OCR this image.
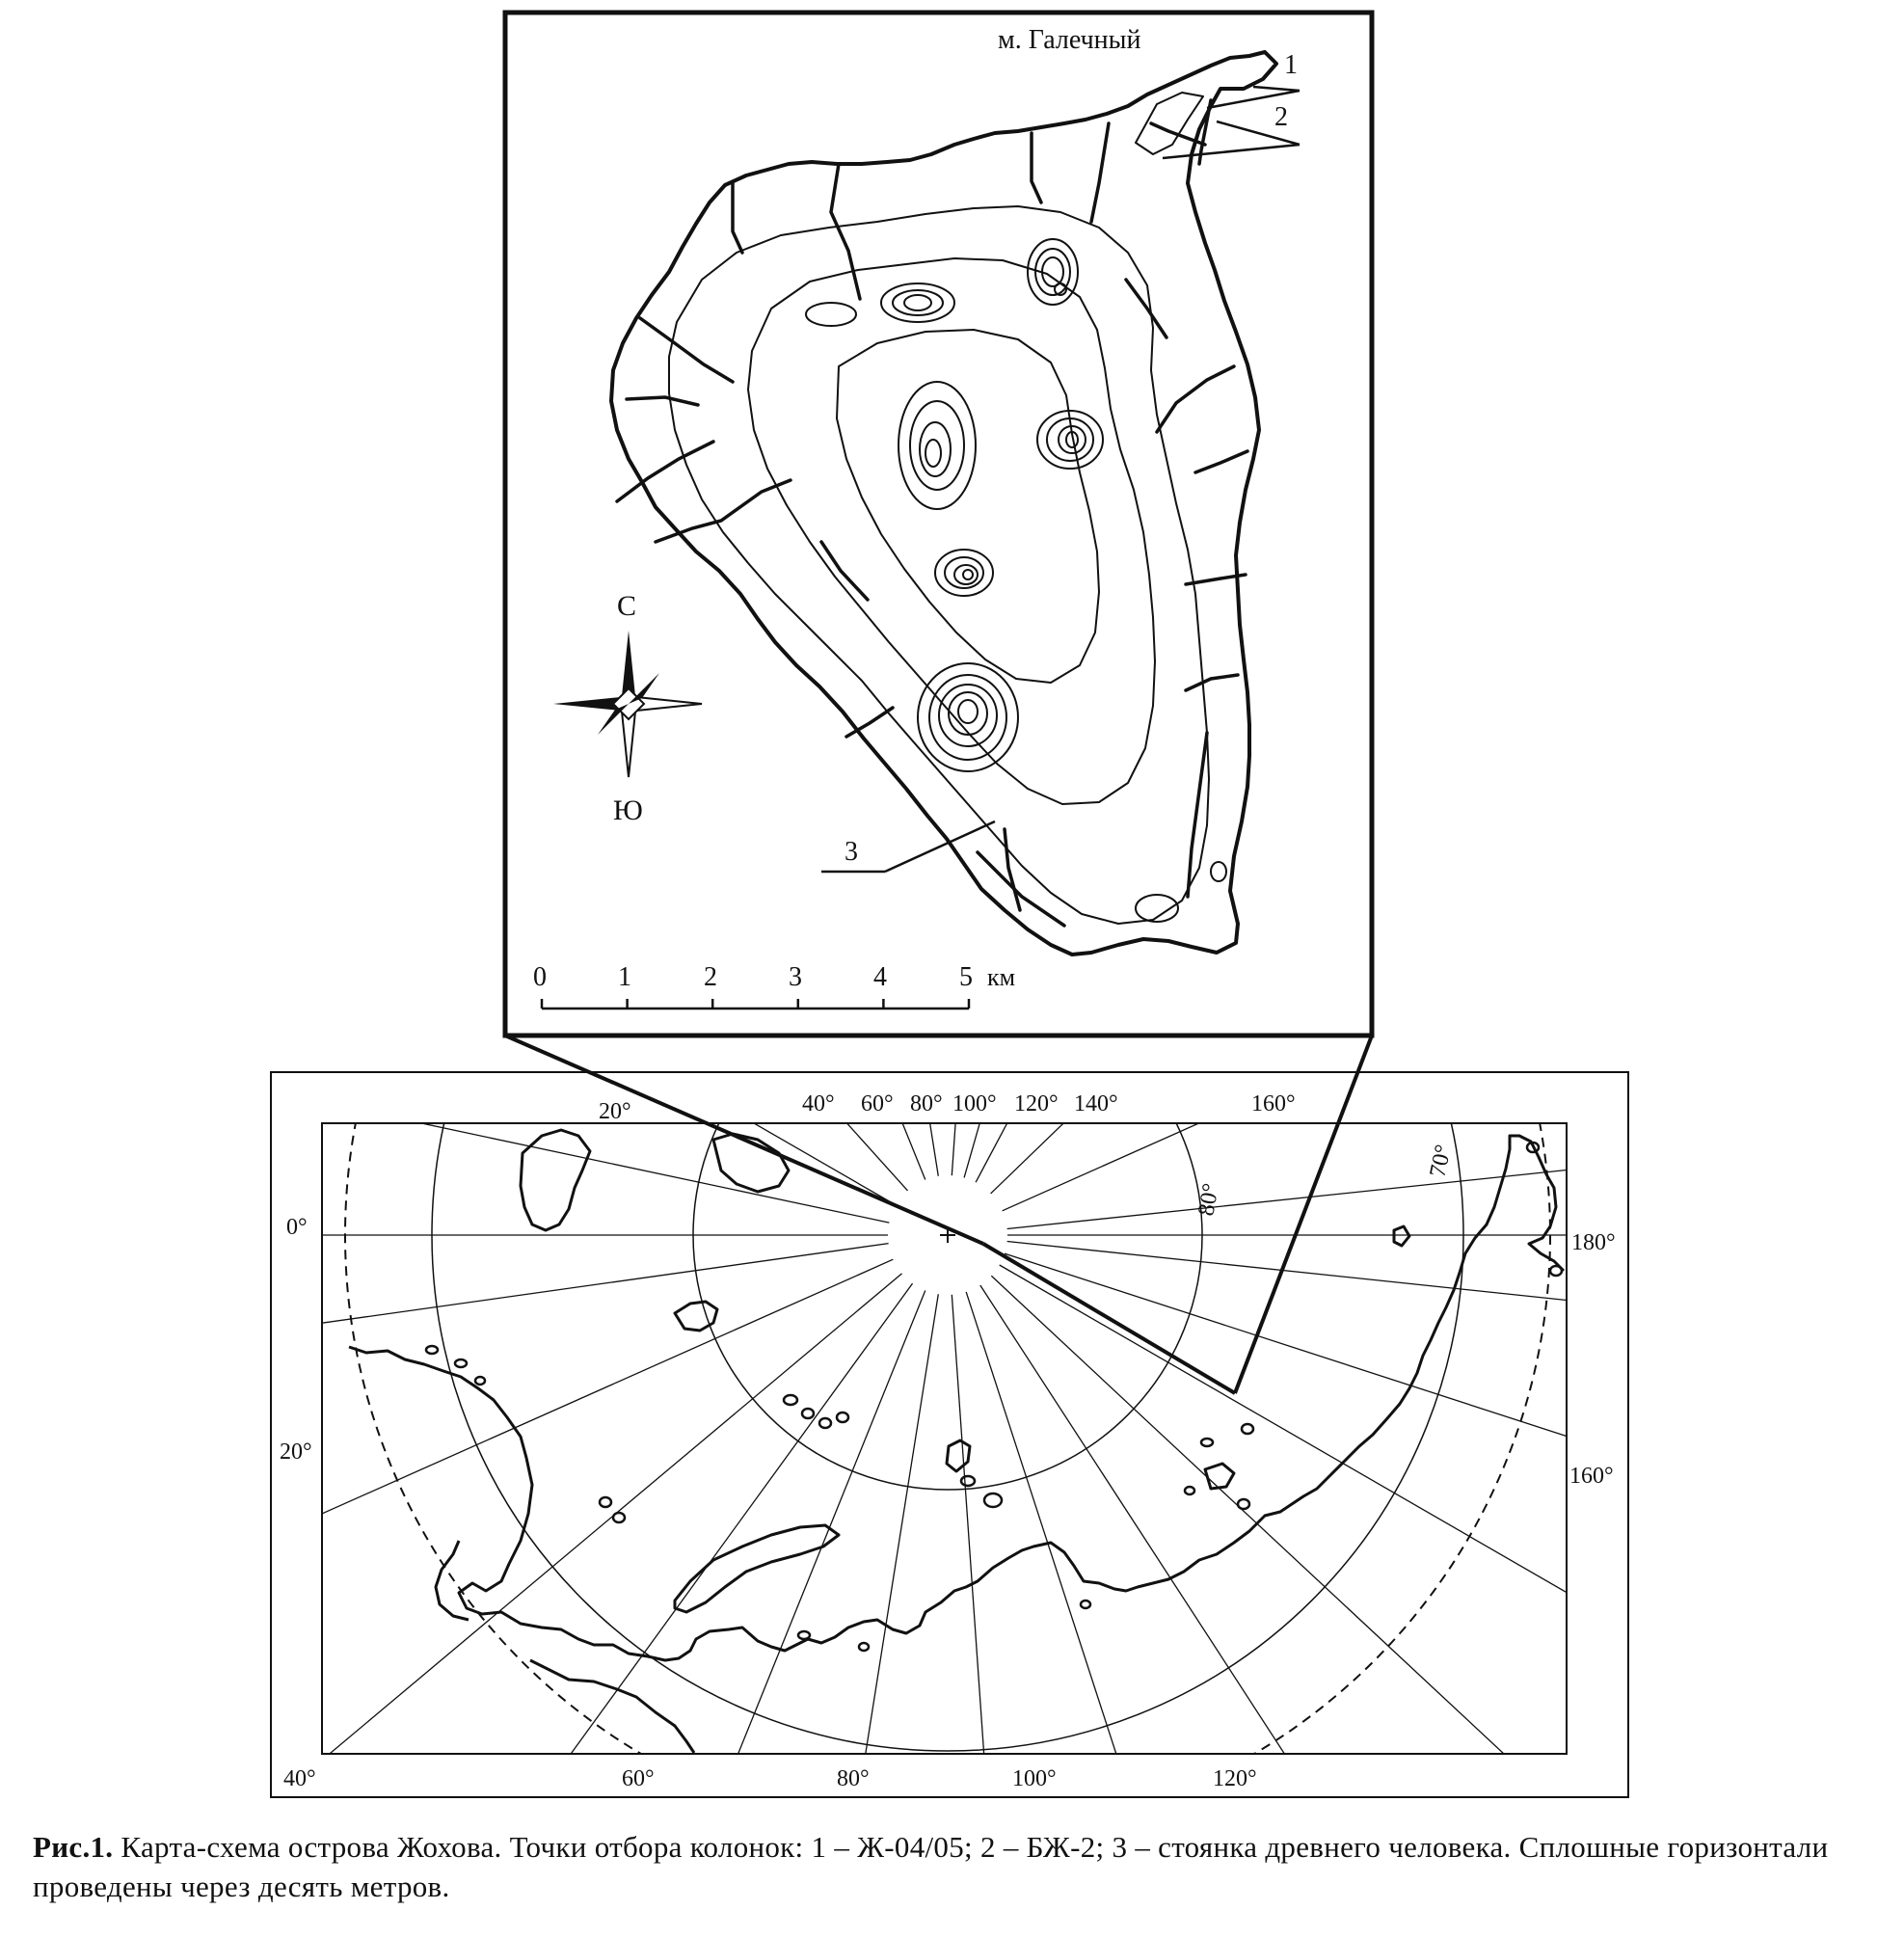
20°	40° 60° 80° 100° 120° 140°	160°
60°	80°	100°	120°
0°
20°
40°
180°
160°
80°
70°
1
2
3
м. Галечный
С
Ю
0	1	2	3	4	5 км
Рис.1. Карта-схема острова Жохова. Точки отбора колонок: 1 – Ж-04/05; 2 – БЖ-2; 3 – стоянка древнего человека. Сплошные горизонтали проведены через десять метров.
